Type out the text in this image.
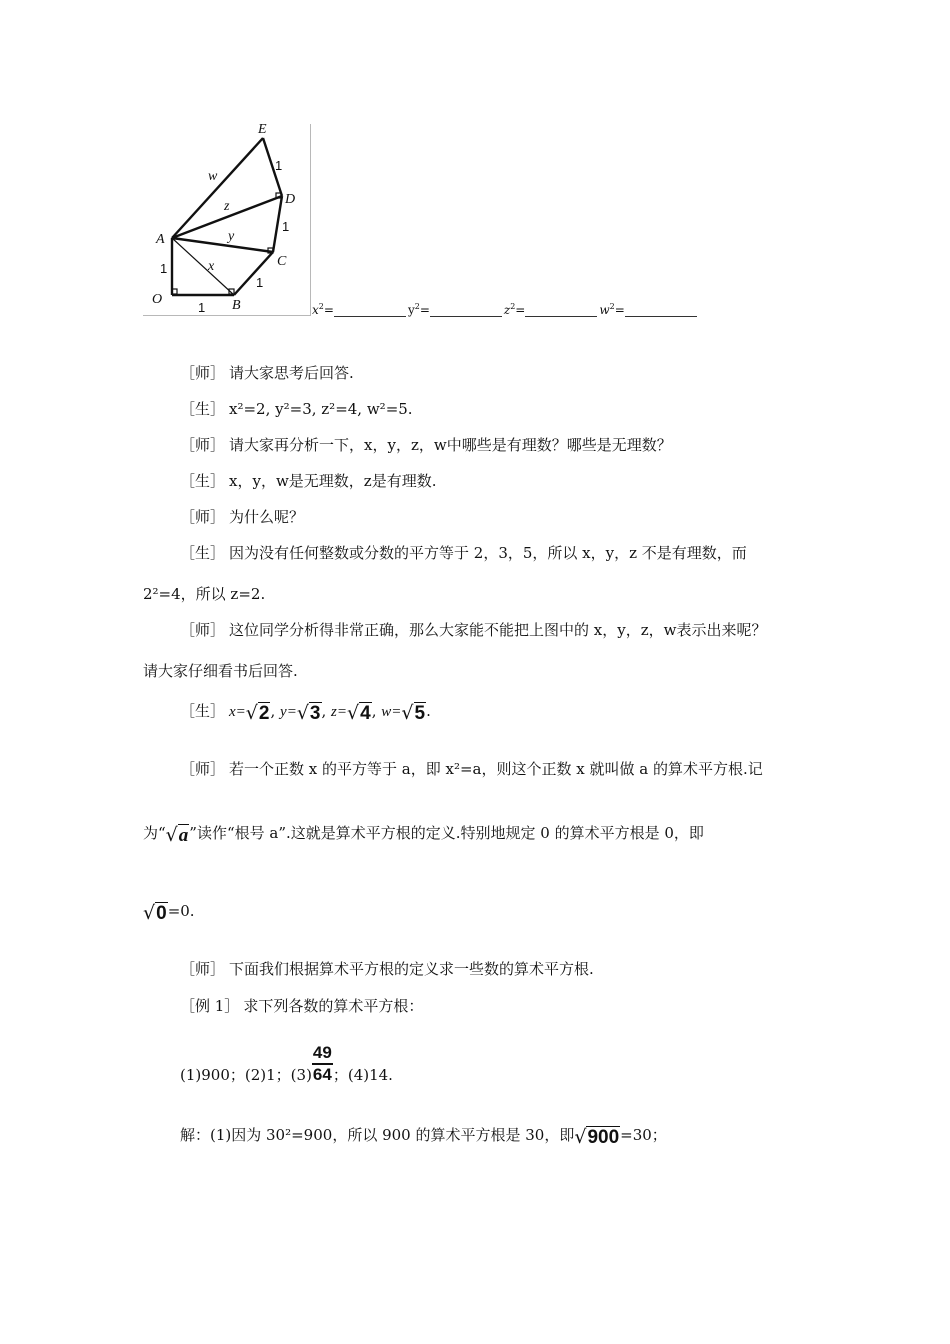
E
D
C
A
O	B
w
z
y
x
1
1
1
1
1	$x^2=$	$y^2=$	$z^2=$	$w^2=$
［师］ 请大家思考后回答.
［生］ x²=2, y²=3, z²=4, w²=5.
［师］ 请大家再分析一下，x，y，z，w中哪些是有理数？哪些是无理数？
［生］ x，y，w是无理数，z是有理数.
［师］ 为什么呢？
［生］ 因为没有任何整数或分数的平方等于 2，3，5，所以 x，y，z 不是有理数，而
2²=4，所以 z=2.
［师］ 这位同学分析得非常正确，那么大家能不能把上图中的 x，y，z，w表示出来呢？
请大家仔细看书后回答.
［生］ x=√2, y=√3, z=√4, w=√5.
［师］ 若一个正数 x 的平方等于 a，即 x²=a，则这个正数 x 就叫做 a 的算术平方根.记
为“√a”读作“根号 a”.这就是算术平方根的定义.特别地规定 0 的算术平方根是 0，即
√0=0.
［师］ 下面我们根据算术平方根的定义求一些数的算术平方根.
［例 1］ 求下列各数的算术平方根：
(1)900；(2)1；$(3) \frac{49}{64}$ ；(4)14.
解：(1)因为 30²=900，所以 900 的算术平方根是 30，即√900=30；
